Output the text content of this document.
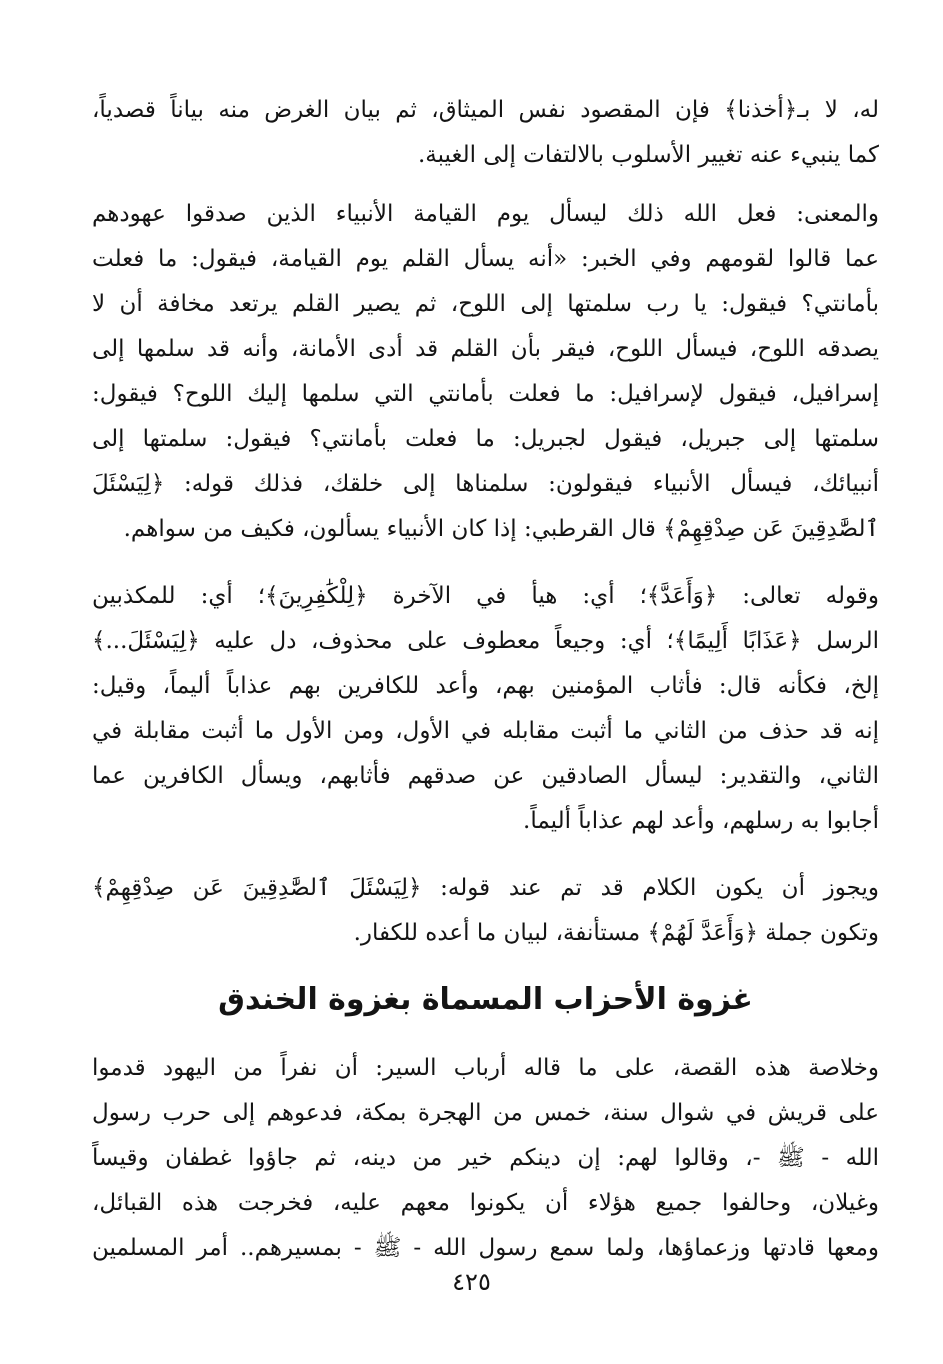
له، لا بـ﴿أخذنا﴾ فإن المقصود نفس الميثاق، ثم بيان الغرض منه بياناً قصدياً،
كما ينبيء عنه تغيير الأسلوب بالالتفات إلى الغيبة.
والمعنى: فعل الله ذلك ليسأل يوم القيامة الأنبياء الذين صدقوا عهودهم
عما قالوا لقومهم وفي الخبر: «أنه يسأل القلم يوم القيامة، فيقول: ما فعلت
بأمانتي؟ فيقول: يا رب سلمتها إلى اللوح، ثم يصير القلم يرتعد مخافة أن لا
يصدقه اللوح، فيسأل اللوح، فيقر بأن القلم قد أدى الأمانة، وأنه قد سلمها إلى
إسرافيل، فيقول لإسرافيل: ما فعلت بأمانتي التي سلمها إليك اللوح؟ فيقول:
سلمتها إلى جبريل، فيقول لجبريل: ما فعلت بأمانتي؟ فيقول: سلمتها إلى
أنبيائك، فيسأل الأنبياء فيقولون: سلمناها إلى خلقك، فذلك قوله: ﴿لِيَسْئَلَ
ٱلصَّٰدِقِينَ عَن صِدْقِهِمْ﴾ قال القرطبي: إذا كان الأنبياء يسألون، فكيف من سواهم.
وقوله تعالى: ﴿وَأَعَدَّ﴾؛ أي: هيأ في الآخرة ﴿لِلْكَٰفِرِينَ﴾؛ أي: للمكذبين
الرسل ﴿عَذَابًا أَلِيمًا﴾؛ أي: وجيعاً معطوف على محذوف، دل عليه ﴿لِيَسْئَلَ...﴾
إلخ، فكأنه قال: فأثاب المؤمنين بهم، وأعد للكافرين بهم عذاباً أليماً، وقيل:
إنه قد حذف من الثاني ما أثبت مقابله في الأول، ومن الأول ما أثبت مقابلة في
الثاني، والتقدير: ليسأل الصادقين عن صدقهم فأثابهم، ويسأل الكافرين عما
أجابوا به رسلهم، وأعد لهم عذاباً أليماً.
ويجوز أن يكون الكلام قد تم عند قوله: ﴿لِيَسْئَلَ ٱلصَّٰدِقِينَ عَن صِدْقِهِمْ﴾
وتكون جملة ﴿وَأَعَدَّ لَهُمْ﴾ مستأنفة، لبيان ما أعده للكفار.
غزوة الأحزاب المسماة بغزوة الخندق
وخلاصة هذه القصة، على ما قاله أرباب السير: أن نفراً من اليهود قدموا
على قريش في شوال سنة، خمس من الهجرة بمكة، فدعوهم إلى حرب رسول
الله - ﷺ -، وقالوا لهم: إن دينكم خير من دينه، ثم جاؤوا غطفان وقيساً
وغيلان، وحالفوا جميع هؤلاء أن يكونوا معهم عليه، فخرجت هذه القبائل،
ومعها قادتها وزعماؤها، ولما سمع رسول الله - ﷺ - بمسيرهم.. أمر المسلمين
٤٢٥
